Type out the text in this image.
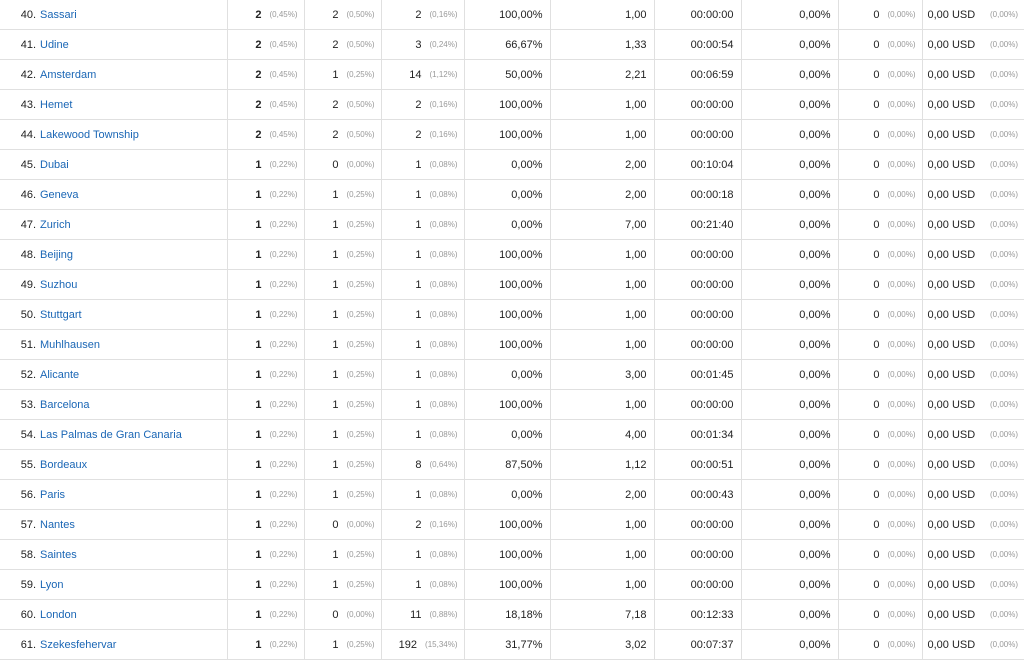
40.	Sassari	2 (0,45%)	2 (0,50%)	2 (0,16%)	100,00%	1,00	00:00:00	0,00%	0 (0,00%)	0,00 USD (0,00%)

41.	Udine	2 (0,45%)	2 (0,50%)	3 (0,24%)	66,67%	1,33	00:00:54	0,00%	0 (0,00%)	0,00 USD (0,00%)

42.	Amsterdam	2 (0,45%)	1 (0,25%)	14 (1,12%)	50,00%	2,21	00:06:59	0,00%	0 (0,00%)	0,00 USD (0,00%)

43.	Hemet	2 (0,45%)	2 (0,50%)	2 (0,16%)	100,00%	1,00	00:00:00	0,00%	0 (0,00%)	0,00 USD (0,00%)

44.	Lakewood Township	2 (0,45%)	2 (0,50%)	2 (0,16%)	100,00%	1,00	00:00:00	0,00%	0 (0,00%)	0,00 USD (0,00%)

45.	Dubai	1 (0,22%)	0 (0,00%)	1 (0,08%)	0,00%	2,00	00:10:04	0,00%	0 (0,00%)	0,00 USD (0,00%)

46.	Geneva	1 (0,22%)	1 (0,25%)	1 (0,08%)	0,00%	2,00	00:00:18	0,00%	0 (0,00%)	0,00 USD (0,00%)

47.	Zurich	1 (0,22%)	1 (0,25%)	1 (0,08%)	0,00%	7,00	00:21:40	0,00%	0 (0,00%)	0,00 USD (0,00%)

48.	Beijing	1 (0,22%)	1 (0,25%)	1 (0,08%)	100,00%	1,00	00:00:00	0,00%	0 (0,00%)	0,00 USD (0,00%)

49.	Suzhou	1 (0,22%)	1 (0,25%)	1 (0,08%)	100,00%	1,00	00:00:00	0,00%	0 (0,00%)	0,00 USD (0,00%)

50.	Stuttgart	1 (0,22%)	1 (0,25%)	1 (0,08%)	100,00%	1,00	00:00:00	0,00%	0 (0,00%)	0,00 USD (0,00%)

51.	Muhlhausen	1 (0,22%)	1 (0,25%)	1 (0,08%)	100,00%	1,00	00:00:00	0,00%	0 (0,00%)	0,00 USD (0,00%)

52.	Alicante	1 (0,22%)	1 (0,25%)	1 (0,08%)	0,00%	3,00	00:01:45	0,00%	0 (0,00%)	0,00 USD (0,00%)

53.	Barcelona	1 (0,22%)	1 (0,25%)	1 (0,08%)	100,00%	1,00	00:00:00	0,00%	0 (0,00%)	0,00 USD (0,00%)

54.	Las Palmas de Gran Canaria	1 (0,22%)	1 (0,25%)	1 (0,08%)	0,00%	4,00	00:01:34	0,00%	0 (0,00%)	0,00 USD (0,00%)

55.	Bordeaux	1 (0,22%)	1 (0,25%)	8 (0,64%)	87,50%	1,12	00:00:51	0,00%	0 (0,00%)	0,00 USD (0,00%)

56.	Paris	1 (0,22%)	1 (0,25%)	1 (0,08%)	0,00%	2,00	00:00:43	0,00%	0 (0,00%)	0,00 USD (0,00%)

57.	Nantes	1 (0,22%)	0 (0,00%)	2 (0,16%)	100,00%	1,00	00:00:00	0,00%	0 (0,00%)	0,00 USD (0,00%)

58.	Saintes	1 (0,22%)	1 (0,25%)	1 (0,08%)	100,00%	1,00	00:00:00	0,00%	0 (0,00%)	0,00 USD (0,00%)

59.	Lyon	1 (0,22%)	1 (0,25%)	1 (0,08%)	100,00%	1,00	00:00:00	0,00%	0 (0,00%)	0,00 USD (0,00%)

60.	London	1 (0,22%)	0 (0,00%)	11 (0,88%)	18,18%	7,18	00:12:33	0,00%	0 (0,00%)	0,00 USD (0,00%)

61.	Szekesfehervar	1 (0,22%)	1 (0,25%)	192 (15,34%)	31,77%	3,02	00:07:37	0,00%	0 (0,00%)	0,00 USD (0,00%)
